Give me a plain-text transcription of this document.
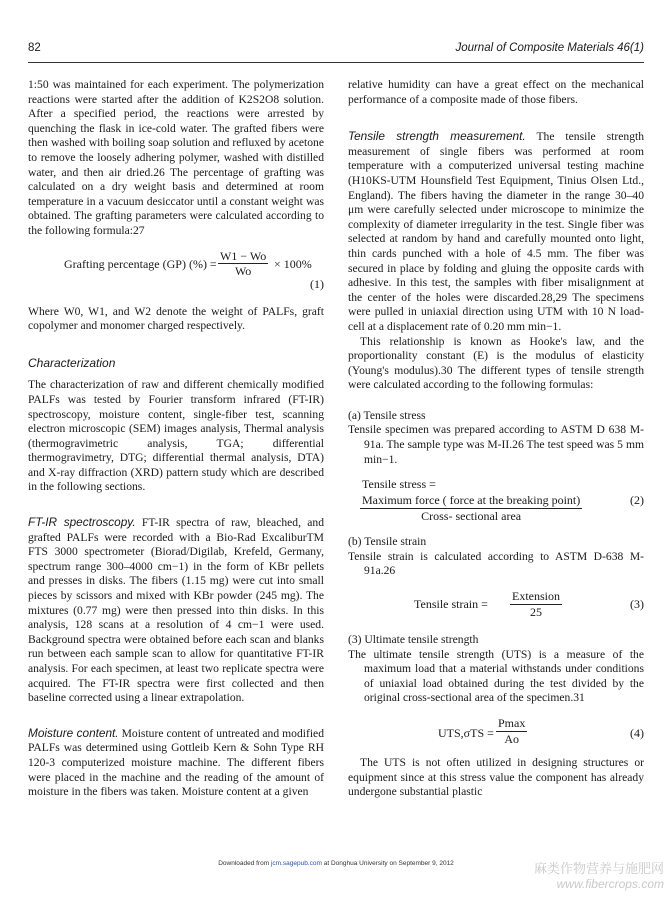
82	Journal of Composite Materials 46(1)

1:50 was maintained for each experiment. The polymerization reactions were started after the addition of K2S2O8 solution. After a specified period, the reactions were arrested by quenching the flask in ice-cold water. The grafted fibers were then washed with boiling soap solution and refluxed by acetone to remove the loosely adhering polymer, washed with distilled water, and then air dried.26 The percentage of grafting was calculated on a dry weight basis and determined at room temperature in a vacuum desiccator until a constant weight was obtained. The grafting parameters were calculated according to the following formula:27

Grafting percentage (GP) (%) = $\frac{W1 - Wo}{Wo} \times 100\%$
(1)

Where W0, W1, and W2 denote the weight of PALFs, graft copolymer and monomer charged respectively.

Characterization

The characterization of raw and different chemically modified PALFs was tested by Fourier transform infrared (FT-IR) spectroscopy, moisture content, single-fiber test, scanning electron microscopic (SEM) images analysis, Thermal analysis (thermogravimetric analysis, TGA; differential thermogravimetry, DTG; differential thermal analysis, DTA) and X-ray diffraction (XRD) pattern study which are described in the following sections.

FT-IR spectroscopy. FT-IR spectra of raw, bleached, and grafted PALFs were recorded with a Bio-Rad ExcaliburTM FTS 3000 spectrometer (Biorad/Digilab, Krefeld, Germany, spectrum range 300–4000 cm−1) in the form of KBr pellets and presses in disks. The fibers (1.15 mg) were cut into small pieces by scissors and mixed with KBr powder (245 mg). The mixtures (0.77 mg) were then pressed into thin disks. In this analysis, 128 scans at a resolution of 4 cm−1 were used. Background spectra were obtained before each scan and blanks run between each sample scan to allow for quantitative FT-IR analysis. For each specimen, at least two replicate spectra were acquired. The FT-IR spectra were first collected and then baseline corrected using a linear extrapolation.

Moisture content. Moisture content of untreated and modified PALFs was determined using Gottleib Kern & Sohn Type RH 120-3 computerized moisture machine. The different fibers were placed in the machine and the reading of the amount of moisture in the fibers was taken. Moisture content at a given

relative humidity can have a great effect on the mechanical performance of a composite made of those fibers.

Tensile strength measurement. The tensile strength measurement of single fibers was performed at room temperature with a computerized universal testing machine (H10KS-UTM Hounsfield Test Equipment, Tinius Olsen Ltd., England). The fibers having the diameter in the range 30–40 μm were carefully selected under microscope to minimize the complexity of diameter irregularity in the test. Single fiber was selected at random by hand and carefully mounted onto light, thin cards punched with a hole of 4.5 mm. The fiber was secured in place by folding and gluing the opposite cards with adhesive. In this test, the samples with fiber misalignment at the center of the holes were discarded.28,29 The specimens were pulled in uniaxial direction using UTM with 10 N load-cell at a displacement rate of 0.20 mm min−1.

This relationship is known as Hooke's law, and the proportionality constant (E) is the modulus of elasticity (Young's modulus).30 The different types of tensile strength were calculated according to the following formulas:

(a) Tensile stress

Tensile specimen was prepared according to ASTM D 638 M-91a. The sample type was M-II.26 The test speed was 5 mm min−1.

Tensile stress =
Maximum force ( force at the breaking point)
Cross- sectional area
(2)

(b) Tensile strain

Tensile strain is calculated according to ASTM D-638 M-91a.26

Tensile strain =
Extension
25
(3)

(3) Ultimate tensile strength

The ultimate tensile strength (UTS) is a measure of the maximum load that a material withstands under conditions of uniaxial load obtained during the test divided by the original cross-sectional area of the specimen.31

UTS,σTS =
Pmax
Ao	(4)

The UTS is not often utilized in designing structures or equipment since at this stress value the component has already undergone substantial plastic

Downloaded from jcm.sagepub.com at Donghua University on September 9, 2012	麻类作物营养与施肥网
www.fibercrops.com
